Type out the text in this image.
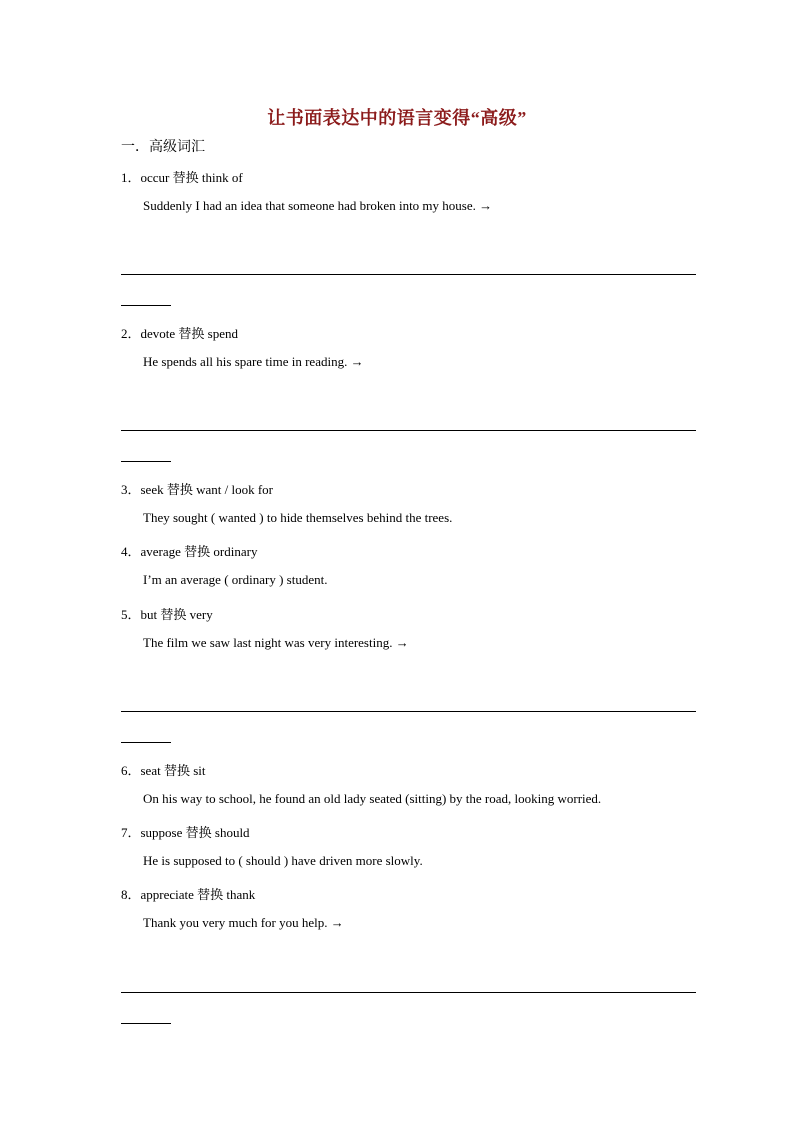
让书面表达中的语言变得“高级”
一．高级词汇
1．occur 替换 think of
Suddenly I had an idea that someone had broken into my house. →
2．devote 替换 spend
He spends all his spare time in reading. →
3．seek 替换 want / look for
They sought ( wanted ) to hide themselves behind the trees.
4．average 替换 ordinary
I’m an average ( ordinary ) student.
5．but 替换 very
The film we saw last night was very interesting. →
6．seat 替换 sit
On his way to school, he found an old lady seated (sitting) by the road, looking worried.
7．suppose 替换 should
He is supposed to ( should ) have driven more slowly.
8．appreciate 替换 thank
Thank you very much for you help. →
